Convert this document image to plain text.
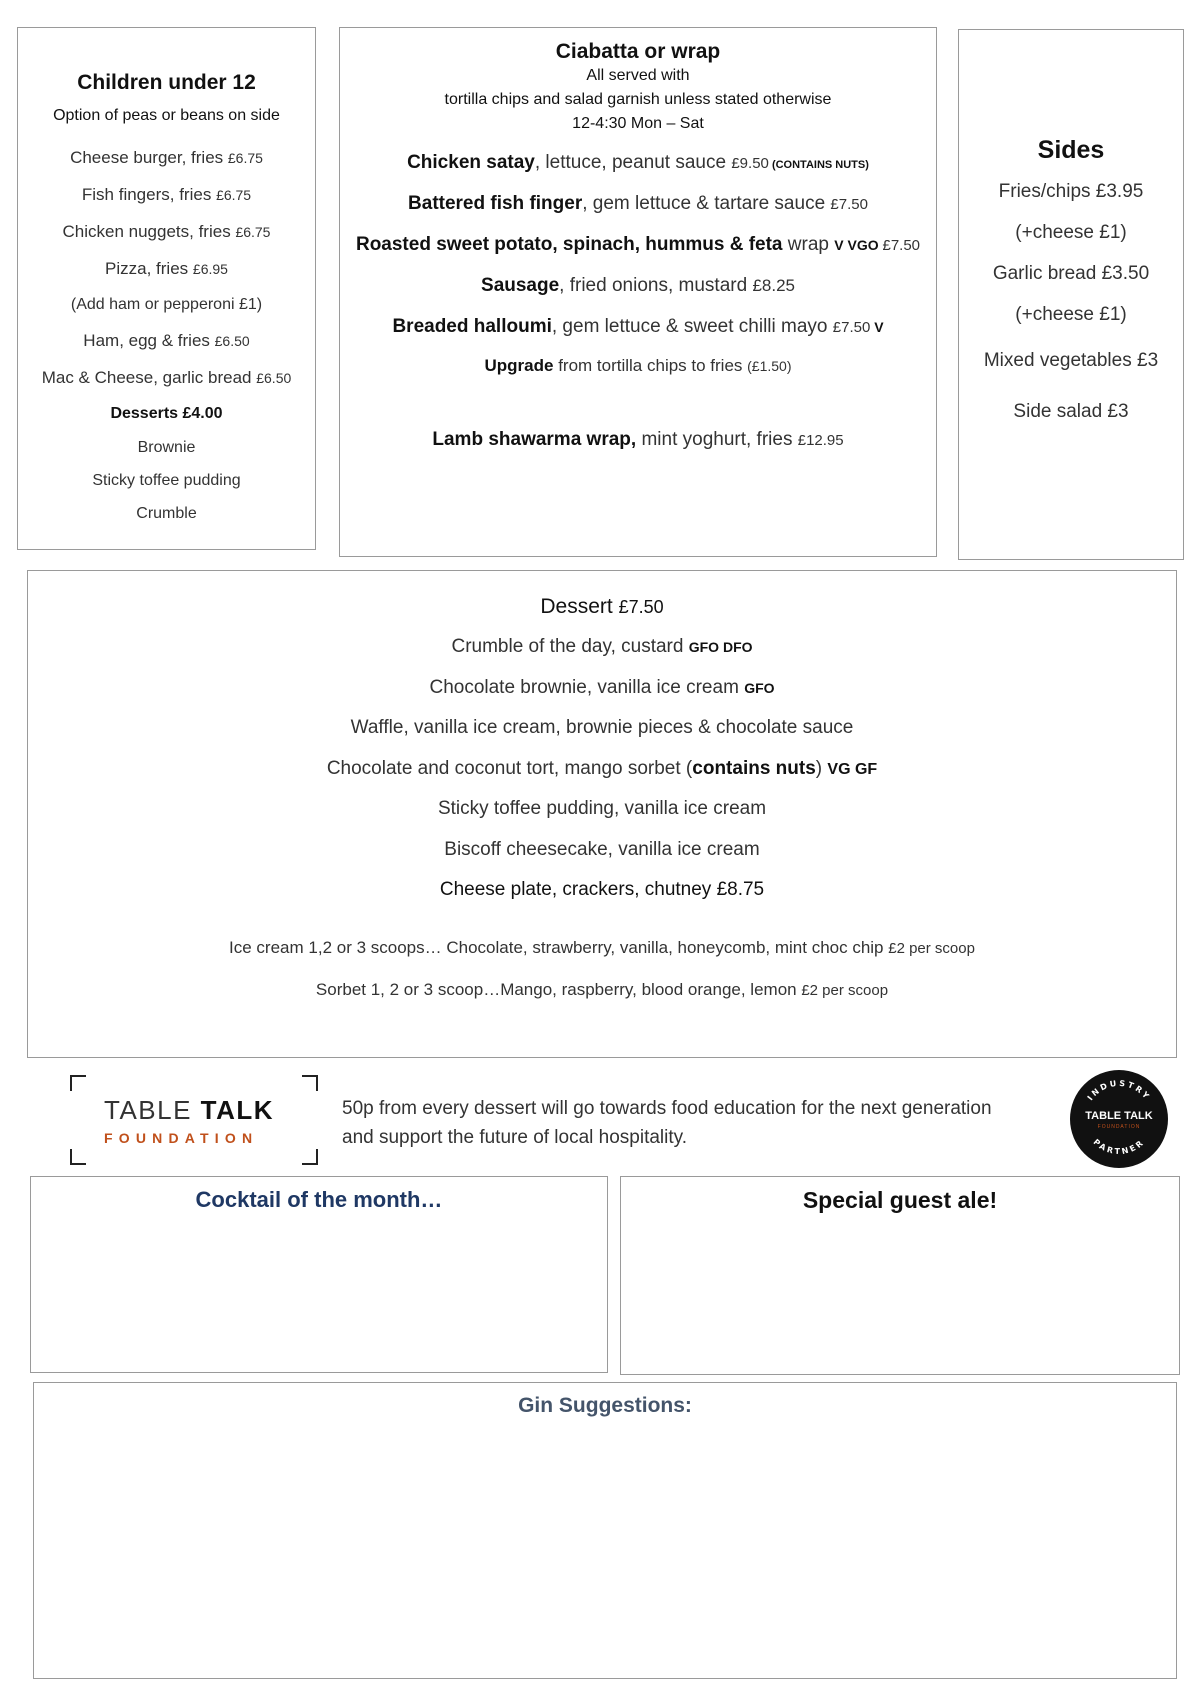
Children under 12
Option of peas or beans on side
Cheese burger, fries £6.75
Fish fingers, fries £6.75
Chicken nuggets, fries £6.75
Pizza, fries £6.95
(Add ham or pepperoni £1)
Ham, egg & fries £6.50
Mac & Cheese, garlic bread £6.50
Desserts £4.00
Brownie
Sticky toffee pudding
Crumble
Ciabatta or wrap
All served with
tortilla chips and salad garnish unless stated otherwise
12-4:30 Mon – Sat
Chicken satay, lettuce, peanut sauce £9.50 (CONTAINS NUTS)
Battered fish finger, gem lettuce & tartare sauce £7.50
Roasted sweet potato, spinach, hummus & feta wrap V VGO £7.50
Sausage, fried onions, mustard £8.25
Breaded halloumi, gem lettuce & sweet chilli mayo £7.50 V
Upgrade from tortilla chips to fries (£1.50)
Lamb shawarma wrap, mint yoghurt, fries £12.95
Sides
Fries/chips £3.95
(+cheese £1)
Garlic bread £3.50
(+cheese £1)
Mixed vegetables £3
Side salad £3
Dessert £7.50
Crumble of the day, custard GFO DFO
Chocolate brownie, vanilla ice cream GFO
Waffle, vanilla ice cream, brownie pieces & chocolate sauce
Chocolate and coconut tort, mango sorbet (contains nuts) VG GF
Sticky toffee pudding, vanilla ice cream
Biscoff cheesecake, vanilla ice cream
Cheese plate, crackers, chutney £8.75
Ice cream 1,2 or 3 scoops… Chocolate, strawberry, vanilla, honeycomb, mint choc chip £2 per scoop
Sorbet 1, 2 or 3 scoop…Mango, raspberry, blood orange, lemon £2 per scoop
TABLE TALK
FOUNDATION
50p from every dessert will go towards food education for the next generation
and support the future of local hospitality.
INDUSTRY
PARTNER
TABLE TALK
FOUNDATION
Cocktail of the month…	Special guest ale!
Gin Suggestions:
